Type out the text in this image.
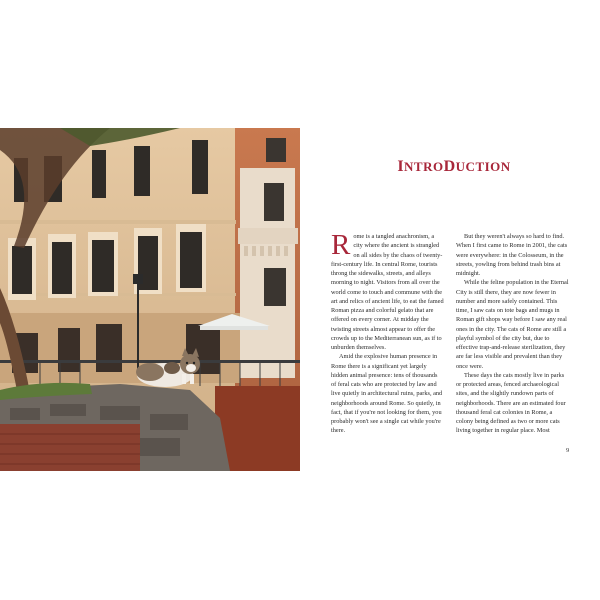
INTRODUCTION

Rome is a tangled anachronism, a city where the ancient is strangled on all sides by the chaos of twenty-first-century life. In central Rome, tourists throng the sidewalks, streets, and alleys morning to night. Visitors from all over the world come to touch and commune with the art and relics of ancient life, to eat the famed Roman pizza and colorful gelato that are offered on every corner. At midday the twisting streets almost appear to offer the crowds up to the Mediterranean sun, as if to unburden themselves.

Amid the explosive human presence in Rome there is a significant yet largely hidden animal presence: tens of thousands of feral cats who are protected by law and live quietly in architectural ruins, parks, and neighborhoods around Rome. So quietly, in fact, that if you're not looking for them, you probably won't see a single cat while you're there.

But they weren't always so hard to find. When I first came to Rome in 2001, the cats were everywhere: in the Colosseum, in the streets, yowling from behind trash bins at midnight.

While the feline population in the Eternal City is still there, they are now fewer in number and more safely contained. This time, I saw cats on tote bags and mugs in Roman gift shops way before I saw any real ones in the city. The cats of Rome are still a playful symbol of the city but, due to effective trap-and-release sterilization, they are far less visible and prevalent than they once were.

These days the cats mostly live in parks or protected areas, fenced archaeological sites, and the slightly rundown parts of neighborhoods. There are an estimated four thousand feral cat colonies in Rome, a colony being defined as two or more cats living together in regular place. Most

9
